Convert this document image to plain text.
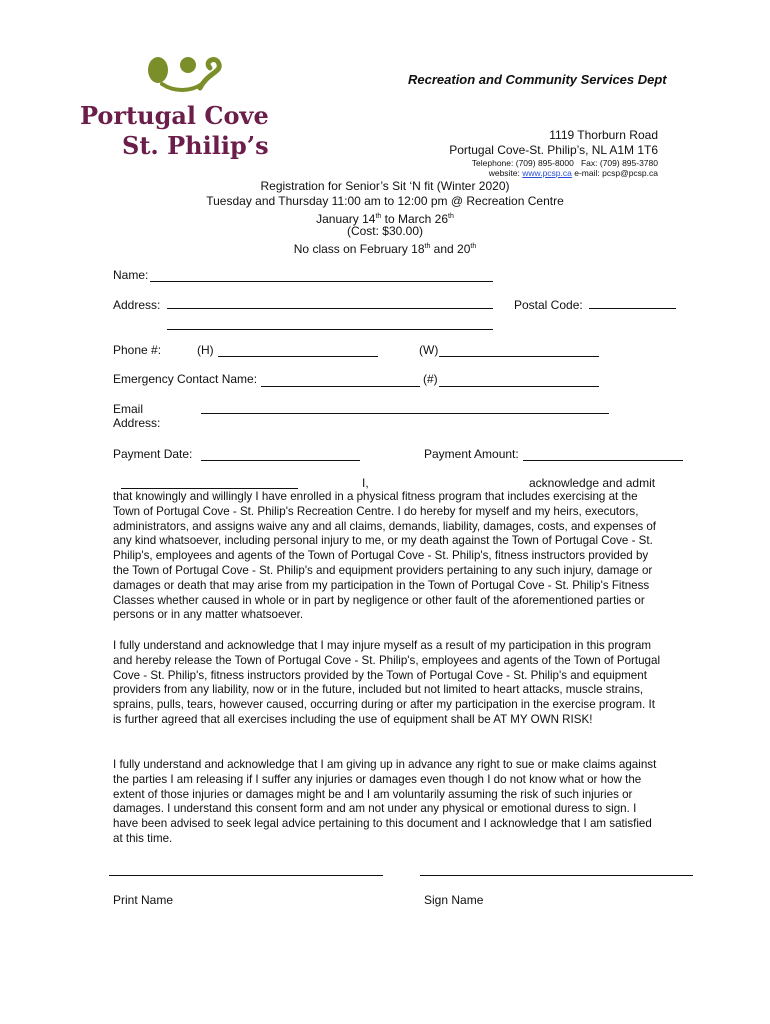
Portugal Cove
St. Philip’s
Recreation and Community Services Dept
1119 Thorburn Road
Portugal Cove-St. Philip’s, NL A1M 1T6
Telephone: (709) 895-8000 Fax: (709) 895-3780
website: www.pcsp.ca e-mail: pcsp@pcsp.ca
Registration for Senior’s Sit ‘N fit (Winter 2020)
Tuesday and Thursday 11:00 am to 12:00 pm @ Recreation Centre
January 14th to March 26th
(Cost: $30.00)
No class on February 18th and 20th
Name:
Address:	Postal Code:
Phone #:	(H)	(W)
Emergency Contact Name:	(#)
Email
Address:
Payment Date:	Payment Amount:
I,	acknowledge and admit

that knowingly and willingly I have enrolled in a physical fitness program that includes exercising at the Town of Portugal Cove - St. Philip's Recreation Centre. I do hereby for myself and my heirs, executors, administrators, and assigns waive any and all claims, demands, liability, damages, costs, and expenses of any kind whatsoever, including personal injury to me, or my death against the Town of Portugal Cove - St. Philip's, employees and agents of the Town of Portugal Cove - St. Philip's, fitness instructors provided by the Town of Portugal Cove - St. Philip's and equipment providers pertaining to any such injury, damage or damages or death that may arise from my participation in the Town of Portugal Cove - St. Philip's Fitness Classes whether caused in whole or in part by negligence or other fault of the aforementioned parties or persons or in any matter whatsoever.

I fully understand and acknowledge that I may injure myself as a result of my participation in this program and hereby release the Town of Portugal Cove - St. Philip's, employees and agents of the Town of Portugal Cove - St. Philip's, fitness instructors provided by the Town of Portugal Cove - St. Philip's and equipment providers from any liability, now or in the future, included but not limited to heart attacks, muscle strains, sprains, pulls, tears, however caused, occurring during or after my participation in the exercise program. It is further agreed that all exercises including the use of equipment shall be AT MY OWN RISK!

I fully understand and acknowledge that I am giving up in advance any right to sue or make claims against the parties I am releasing if I suffer any injuries or damages even though I do not know what or how the extent of those injuries or damages might be and I am voluntarily assuming the risk of such injuries or damages. I understand this consent form and am not under any physical or emotional duress to sign. I have been advised to seek legal advice pertaining to this document and I acknowledge that I am satisfied at this time.

Print Name	Sign Name
